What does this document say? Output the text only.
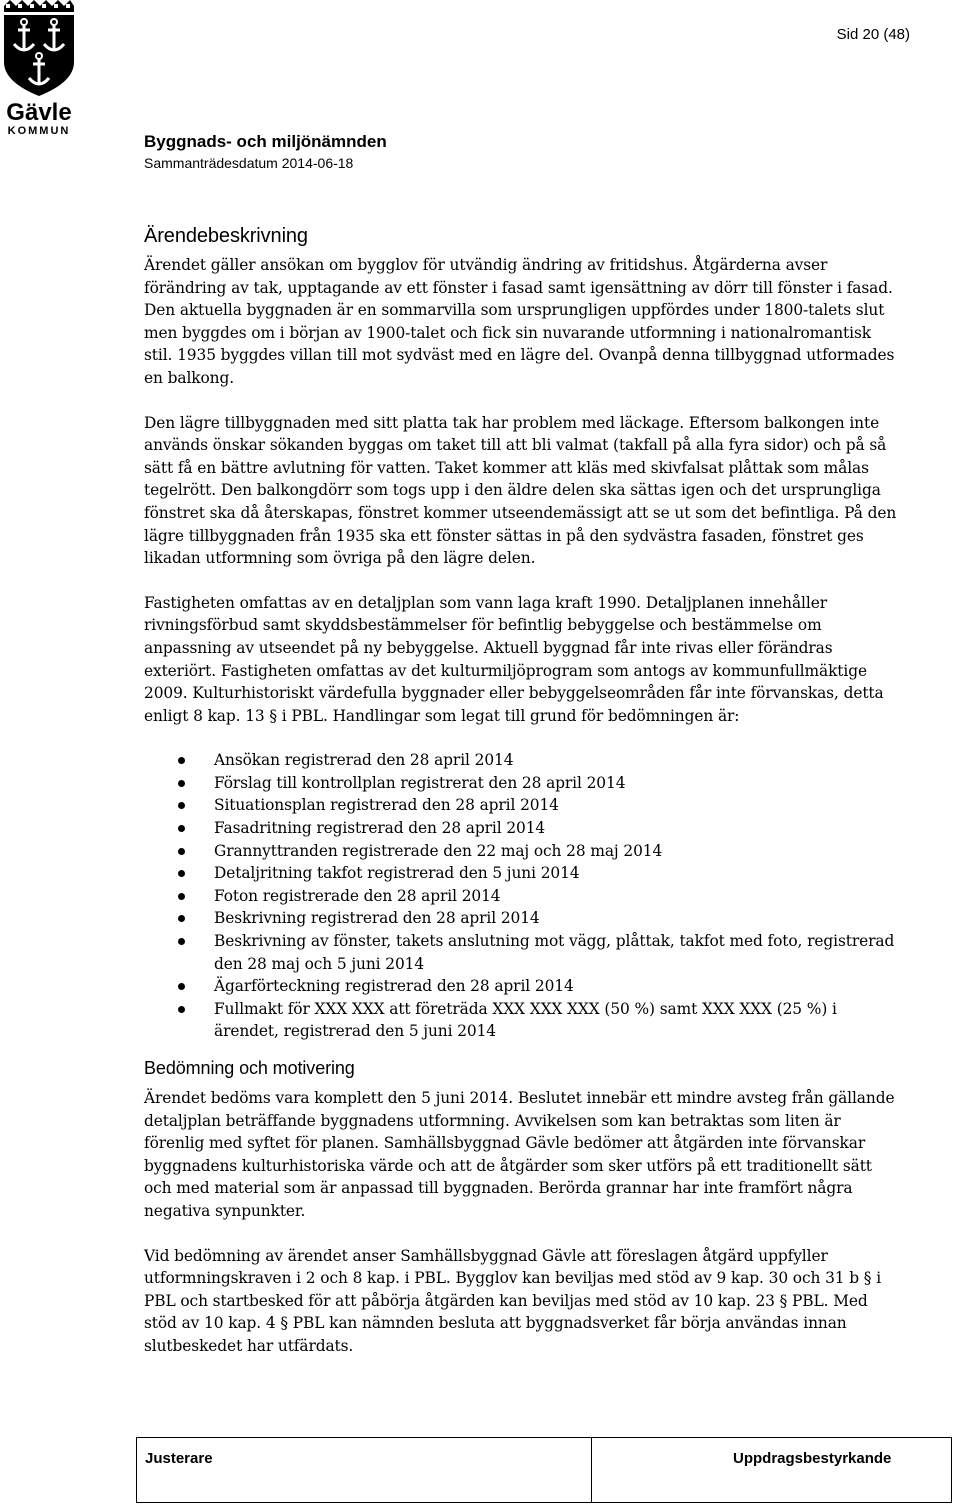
Gävle
KOMMUN
Sid 20 (48)
Byggnads- och miljönämnden
Sammanträdesdatum 2014-06-18
Ärendebeskrivning

Ärendet gäller ansökan om bygglov för utvändig ändring av fritidshus. Åtgärderna avser förändring av tak, upptagande av ett fönster i fasad samt igensättning av dörr till fönster i fasad. Den aktuella byggnaden är en sommarvilla som ursprungligen uppfördes under 1800-talets slut men byggdes om i början av 1900-talet och fick sin nuvarande utformning i nationalromantisk stil. 1935 byggdes villan till mot sydväst med en lägre del. Ovanpå denna tillbyggnad utformades en balkong.

Den lägre tillbyggnaden med sitt platta tak har problem med läckage. Eftersom balkongen inte används önskar sökanden byggas om taket till att bli valmat (takfall på alla fyra sidor) och på så sätt få en bättre avlutning för vatten. Taket kommer att kläs med skivfalsat plåttak som målas tegelrött. Den balkongdörr som togs upp i den äldre delen ska sättas igen och det ursprungliga fönstret ska då återskapas, fönstret kommer utseendemässigt att se ut som det befintliga. På den lägre tillbyggnaden från 1935 ska ett fönster sättas in på den sydvästra fasaden, fönstret ges likadan utformning som övriga på den lägre delen.

Fastigheten omfattas av en detaljplan som vann laga kraft 1990. Detaljplanen innehåller rivningsförbud samt skyddsbestämmelser för befintlig bebyggelse och bestämmelse om anpassning av utseendet på ny bebyggelse. Aktuell byggnad får inte rivas eller förändras exteriört. Fastigheten omfattas av det kulturmiljöprogram som antogs av kommunfullmäktige 2009. Kulturhistoriskt värdefulla byggnader eller bebyggelseområden får inte förvanskas, detta enligt 8 kap. 13 § i PBL. Handlingar som legat till grund för bedömningen är:

Ansökan registrerad den 28 april 2014
Förslag till kontrollplan registrerat den 28 april 2014
Situationsplan registrerad den 28 april 2014
Fasadritning registrerad den 28 april 2014
Grannyttranden registrerade den 22 maj och 28 maj 2014
Detaljritning takfot registrerad den 5 juni 2014
Foton registrerade den 28 april 2014
Beskrivning registrerad den 28 april 2014
Beskrivning av fönster, takets anslutning mot vägg, plåttak, takfot med foto, registrerad den 28 maj och 5 juni 2014
Ägarförteckning registrerad den 28 april 2014
Fullmakt för XXX XXX att företräda XXX XXX XXX (50 %) samt XXX XXX (25 %) i ärendet, registrerad den 5 juni 2014
Bedömning och motivering

Ärendet bedöms vara komplett den 5 juni 2014. Beslutet innebär ett mindre avsteg från gällande detaljplan beträffande byggnadens utformning. Avvikelsen som kan betraktas som liten är förenlig med syftet för planen. Samhällsbyggnad Gävle bedömer att åtgärden inte förvanskar byggnadens kulturhistoriska värde och att de åtgärder som sker utförs på ett traditionellt sätt och med material som är anpassad till byggnaden. Berörda grannar har inte framfört några negativa synpunkter.

Vid bedömning av ärendet anser Samhällsbyggnad Gävle att föreslagen åtgärd uppfyller utformningskraven i 2 och 8 kap. i PBL. Bygglov kan beviljas med stöd av 9 kap. 30 och 31 b § i PBL och startbesked för att påbörja åtgärden kan beviljas med stöd av 10 kap. 23 § PBL. Med stöd av 10 kap. 4 § PBL kan nämnden besluta att byggnadsverket får börja användas innan slutbeskedet har utfärdats.

Justerare	Uppdragsbestyrkande
